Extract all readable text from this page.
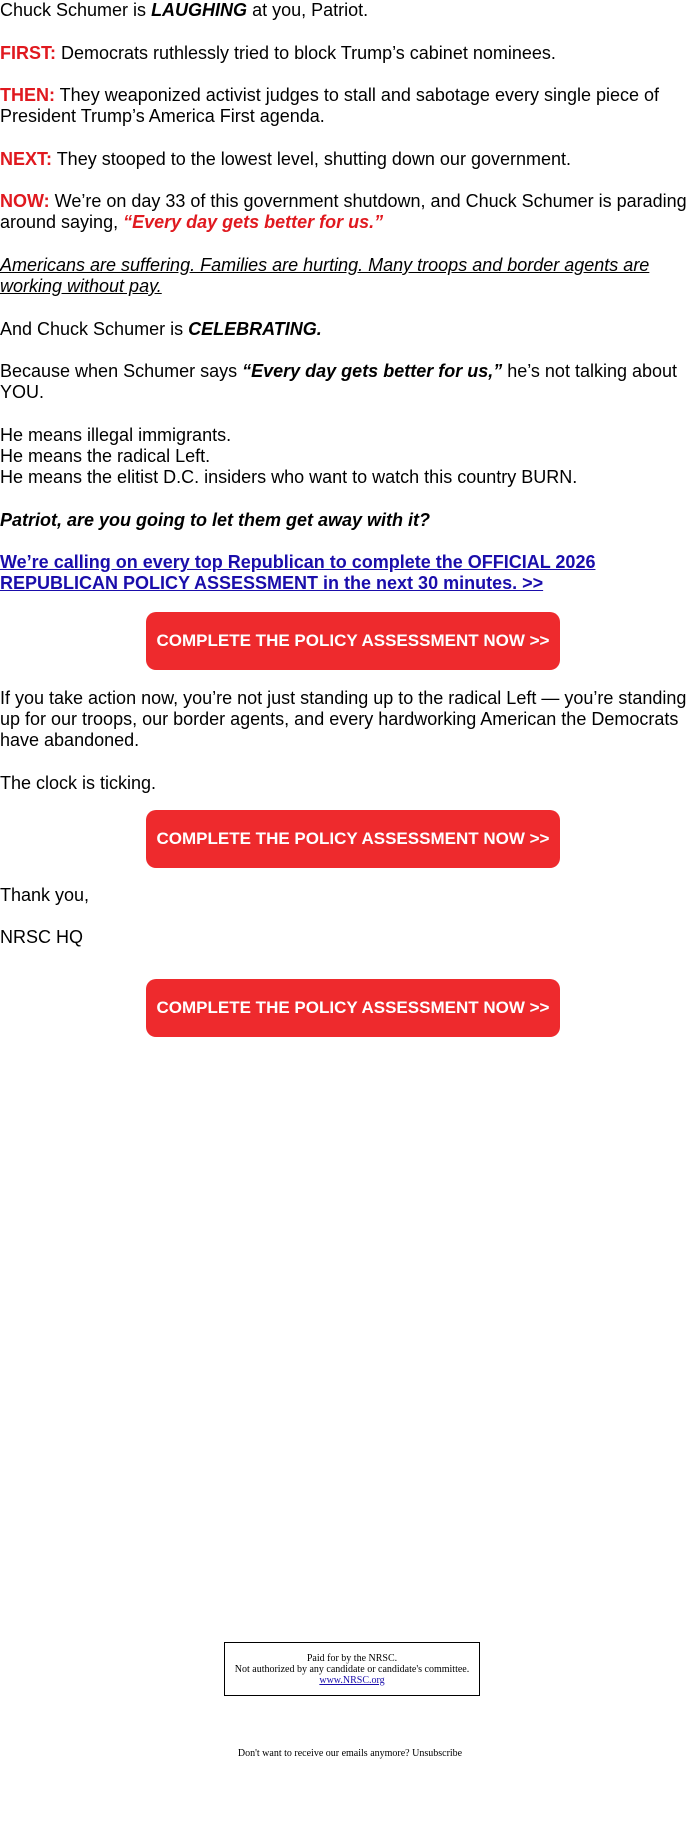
Chuck Schumer is LAUGHING at you, Patriot.

FIRST: Democrats ruthlessly tried to block Trump’s cabinet nominees.

THEN: They weaponized activist judges to stall and sabotage every single piece of President Trump’s America First agenda.

NEXT: They stooped to the lowest level, shutting down our government.

NOW: We’re on day 33 of this government shutdown, and Chuck Schumer is parading around saying, “Every day gets better for us.”

Americans are suffering. Families are hurting. Many troops and border agents are working without pay.

And Chuck Schumer is CELEBRATING.

Because when Schumer says “Every day gets better for us,” he’s not talking about YOU.

He means illegal immigrants.
He means the radical Left.
He means the elitist D.C. insiders who want to watch this country BURN.

Patriot, are you going to let them get away with it?

We’re calling on every top Republican to complete the OFFICIAL 2026 REPUBLICAN POLICY ASSESSMENT in the next 30 minutes. >>

COMPLETE THE POLICY ASSESSMENT NOW >>

If you take action now, you’re not just standing up to the radical Left — you’re standing up for our troops, our border agents, and every hardworking American the Democrats have abandoned.

The clock is ticking.

COMPLETE THE POLICY ASSESSMENT NOW >>

Thank you,

NRSC HQ

COMPLETE THE POLICY ASSESSMENT NOW >>
Paid for by the NRSC.
Not authorized by any candidate or candidate's committee.
www.NRSC.org
Don't want to receive our emails anymore? Unsubscribe
